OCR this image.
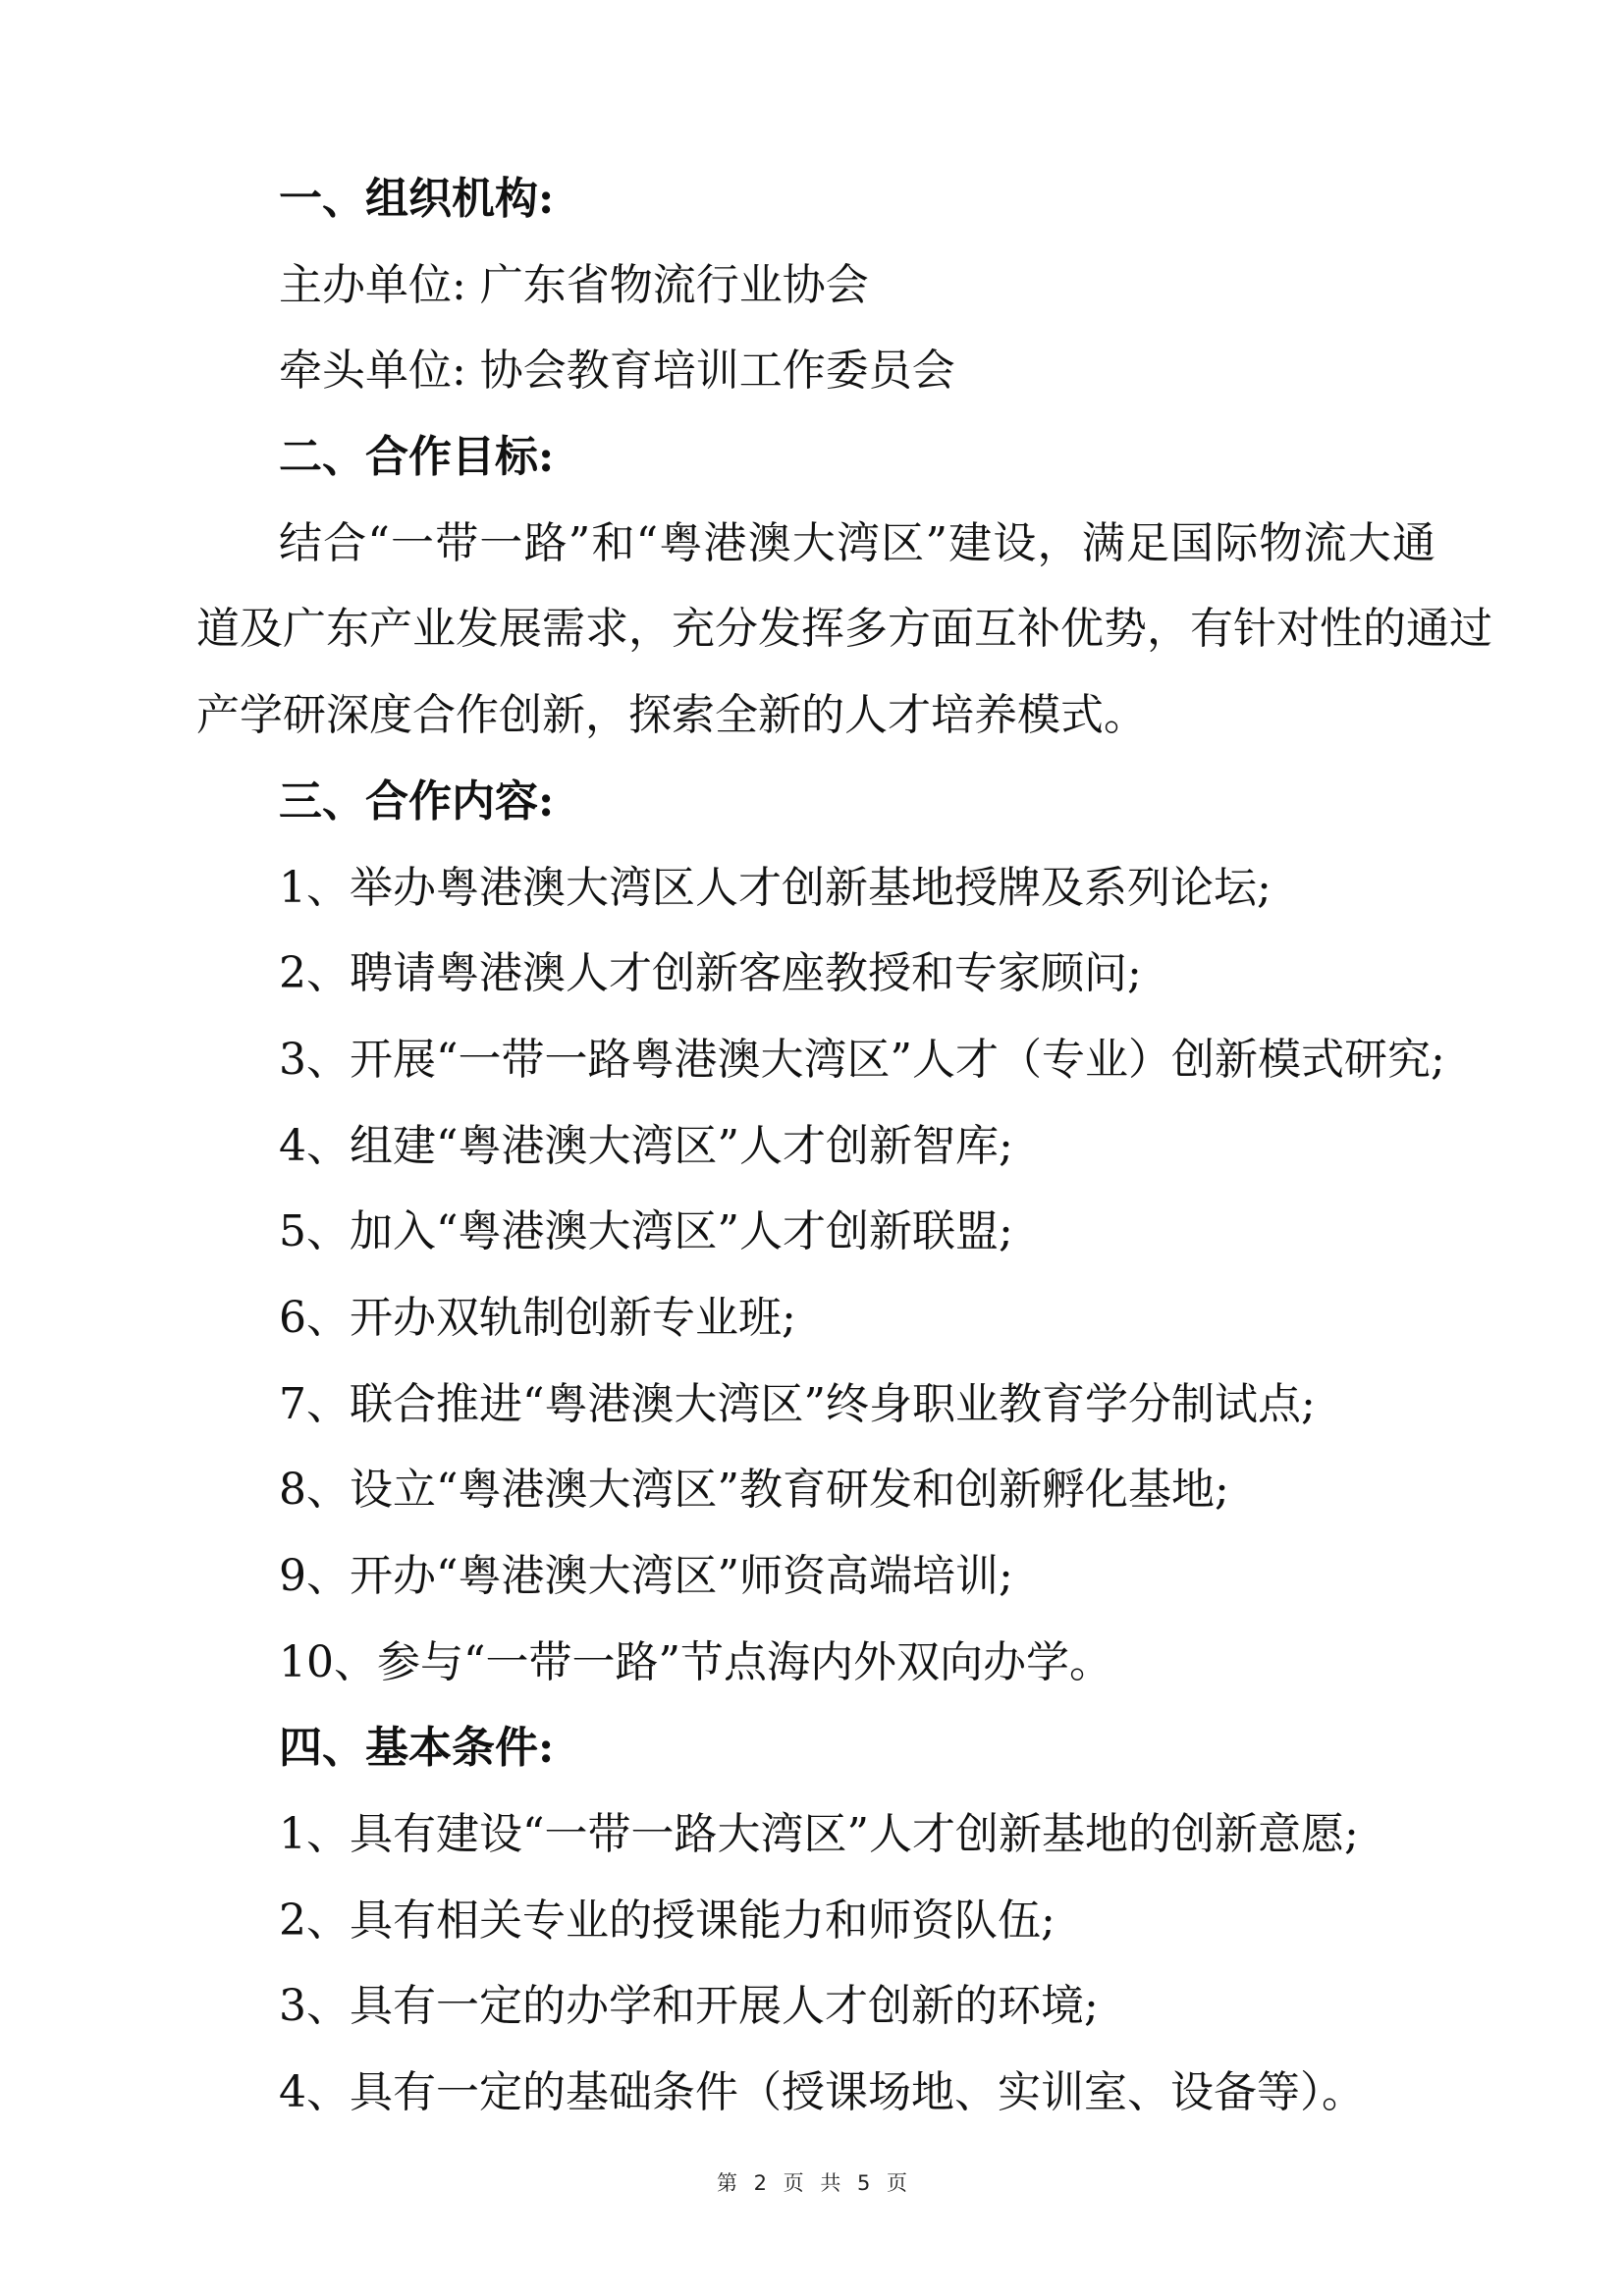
一、组织机构:
主办单位: 广东省物流行业协会
牵头单位: 协会教育培训工作委员会
二、合作目标:
结合“一带一路”和“粤港澳大湾区”建设，满足国际物流大通
道及广东产业发展需求，充分发挥多方面互补优势，有针对性的通过
产学研深度合作创新，探索全新的人才培养模式。
三、合作内容:
1、举办粤港澳大湾区人才创新基地授牌及系列论坛;
2、聘请粤港澳人才创新客座教授和专家顾问;
3、开展“一带一路粤港澳大湾区”人才（专业）创新模式研究;
4、组建“粤港澳大湾区”人才创新智库;
5、加入“粤港澳大湾区”人才创新联盟;
6、开办双轨制创新专业班;
7、联合推进“粤港澳大湾区”终身职业教育学分制试点;
8、设立“粤港澳大湾区”教育研发和创新孵化基地;
9、开办“粤港澳大湾区”师资高端培训;
10、参与“一带一路”节点海内外双向办学。
四、基本条件:
1、具有建设“一带一路大湾区”人才创新基地的创新意愿;
2、具有相关专业的授课能力和师资队伍;
3、具有一定的办学和开展人才创新的环境;
4、具有一定的基础条件（授课场地、实训室、设备等）。
第 2 页 共 5 页
